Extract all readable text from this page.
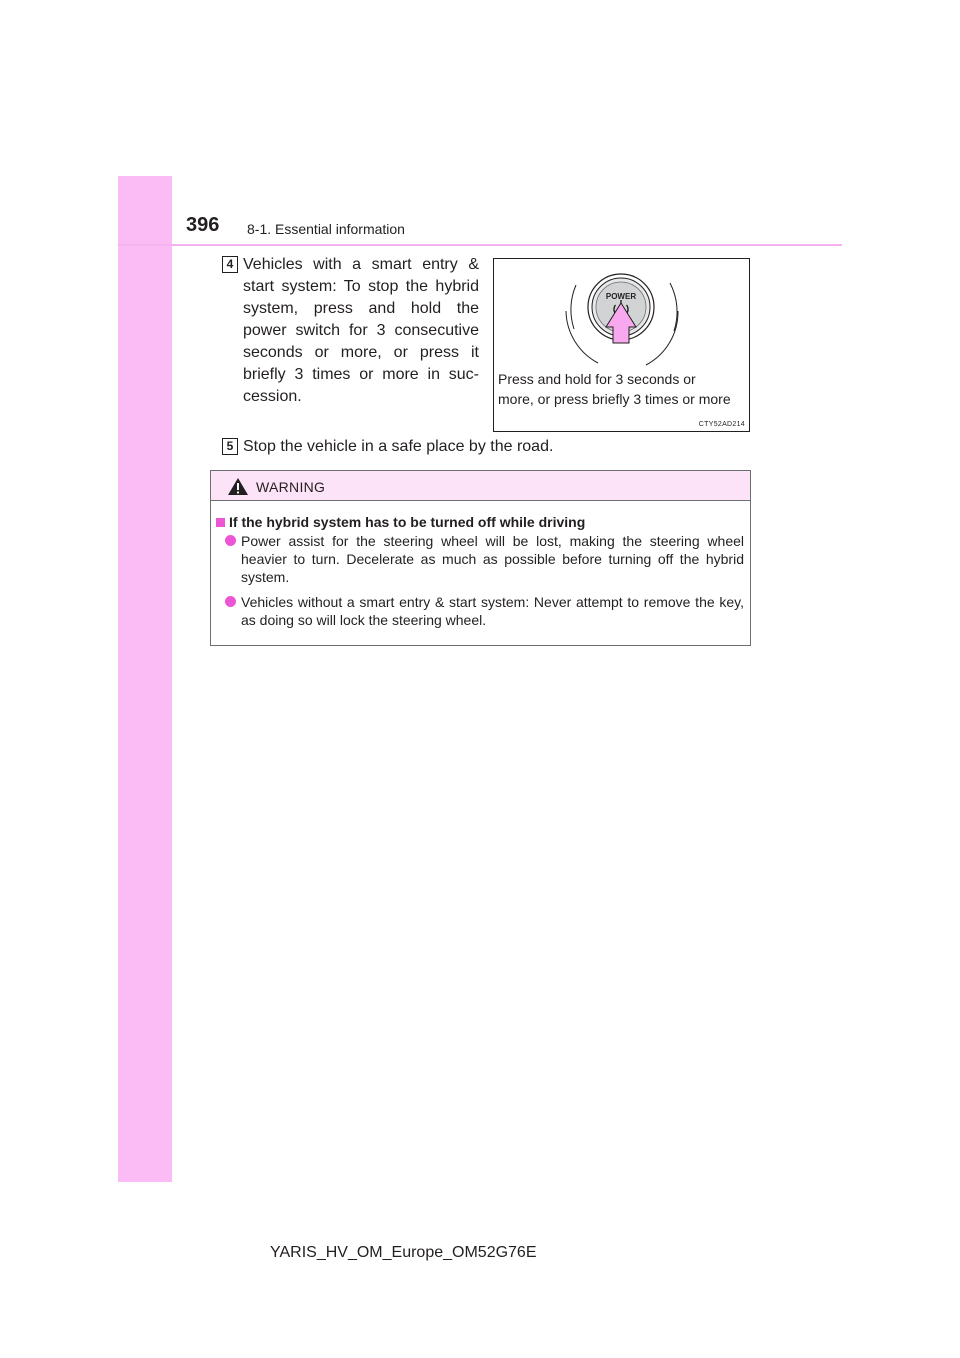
396 8-1. Essential information
4 Vehicles with a smart entry & start system: To stop the hybrid system, press and hold the power switch for 3 consecutive seconds or more, or press it briefly 3 times or more in suc-cession.
POWER
Press and hold for 3 seconds or
more, or press briefly 3 times or more
CTY52AD214
5 Stop the vehicle in a safe place by the road.
WARNING
If the hybrid system has to be turned off while driving
Power assist for the steering wheel will be lost, making the steering wheel heavier to turn. Decelerate as much as possible before turning off the hybrid system.
Vehicles without a smart entry & start system: Never attempt to remove the key, as doing so will lock the steering wheel.
YARIS_HV_OM_Europe_OM52G76E
